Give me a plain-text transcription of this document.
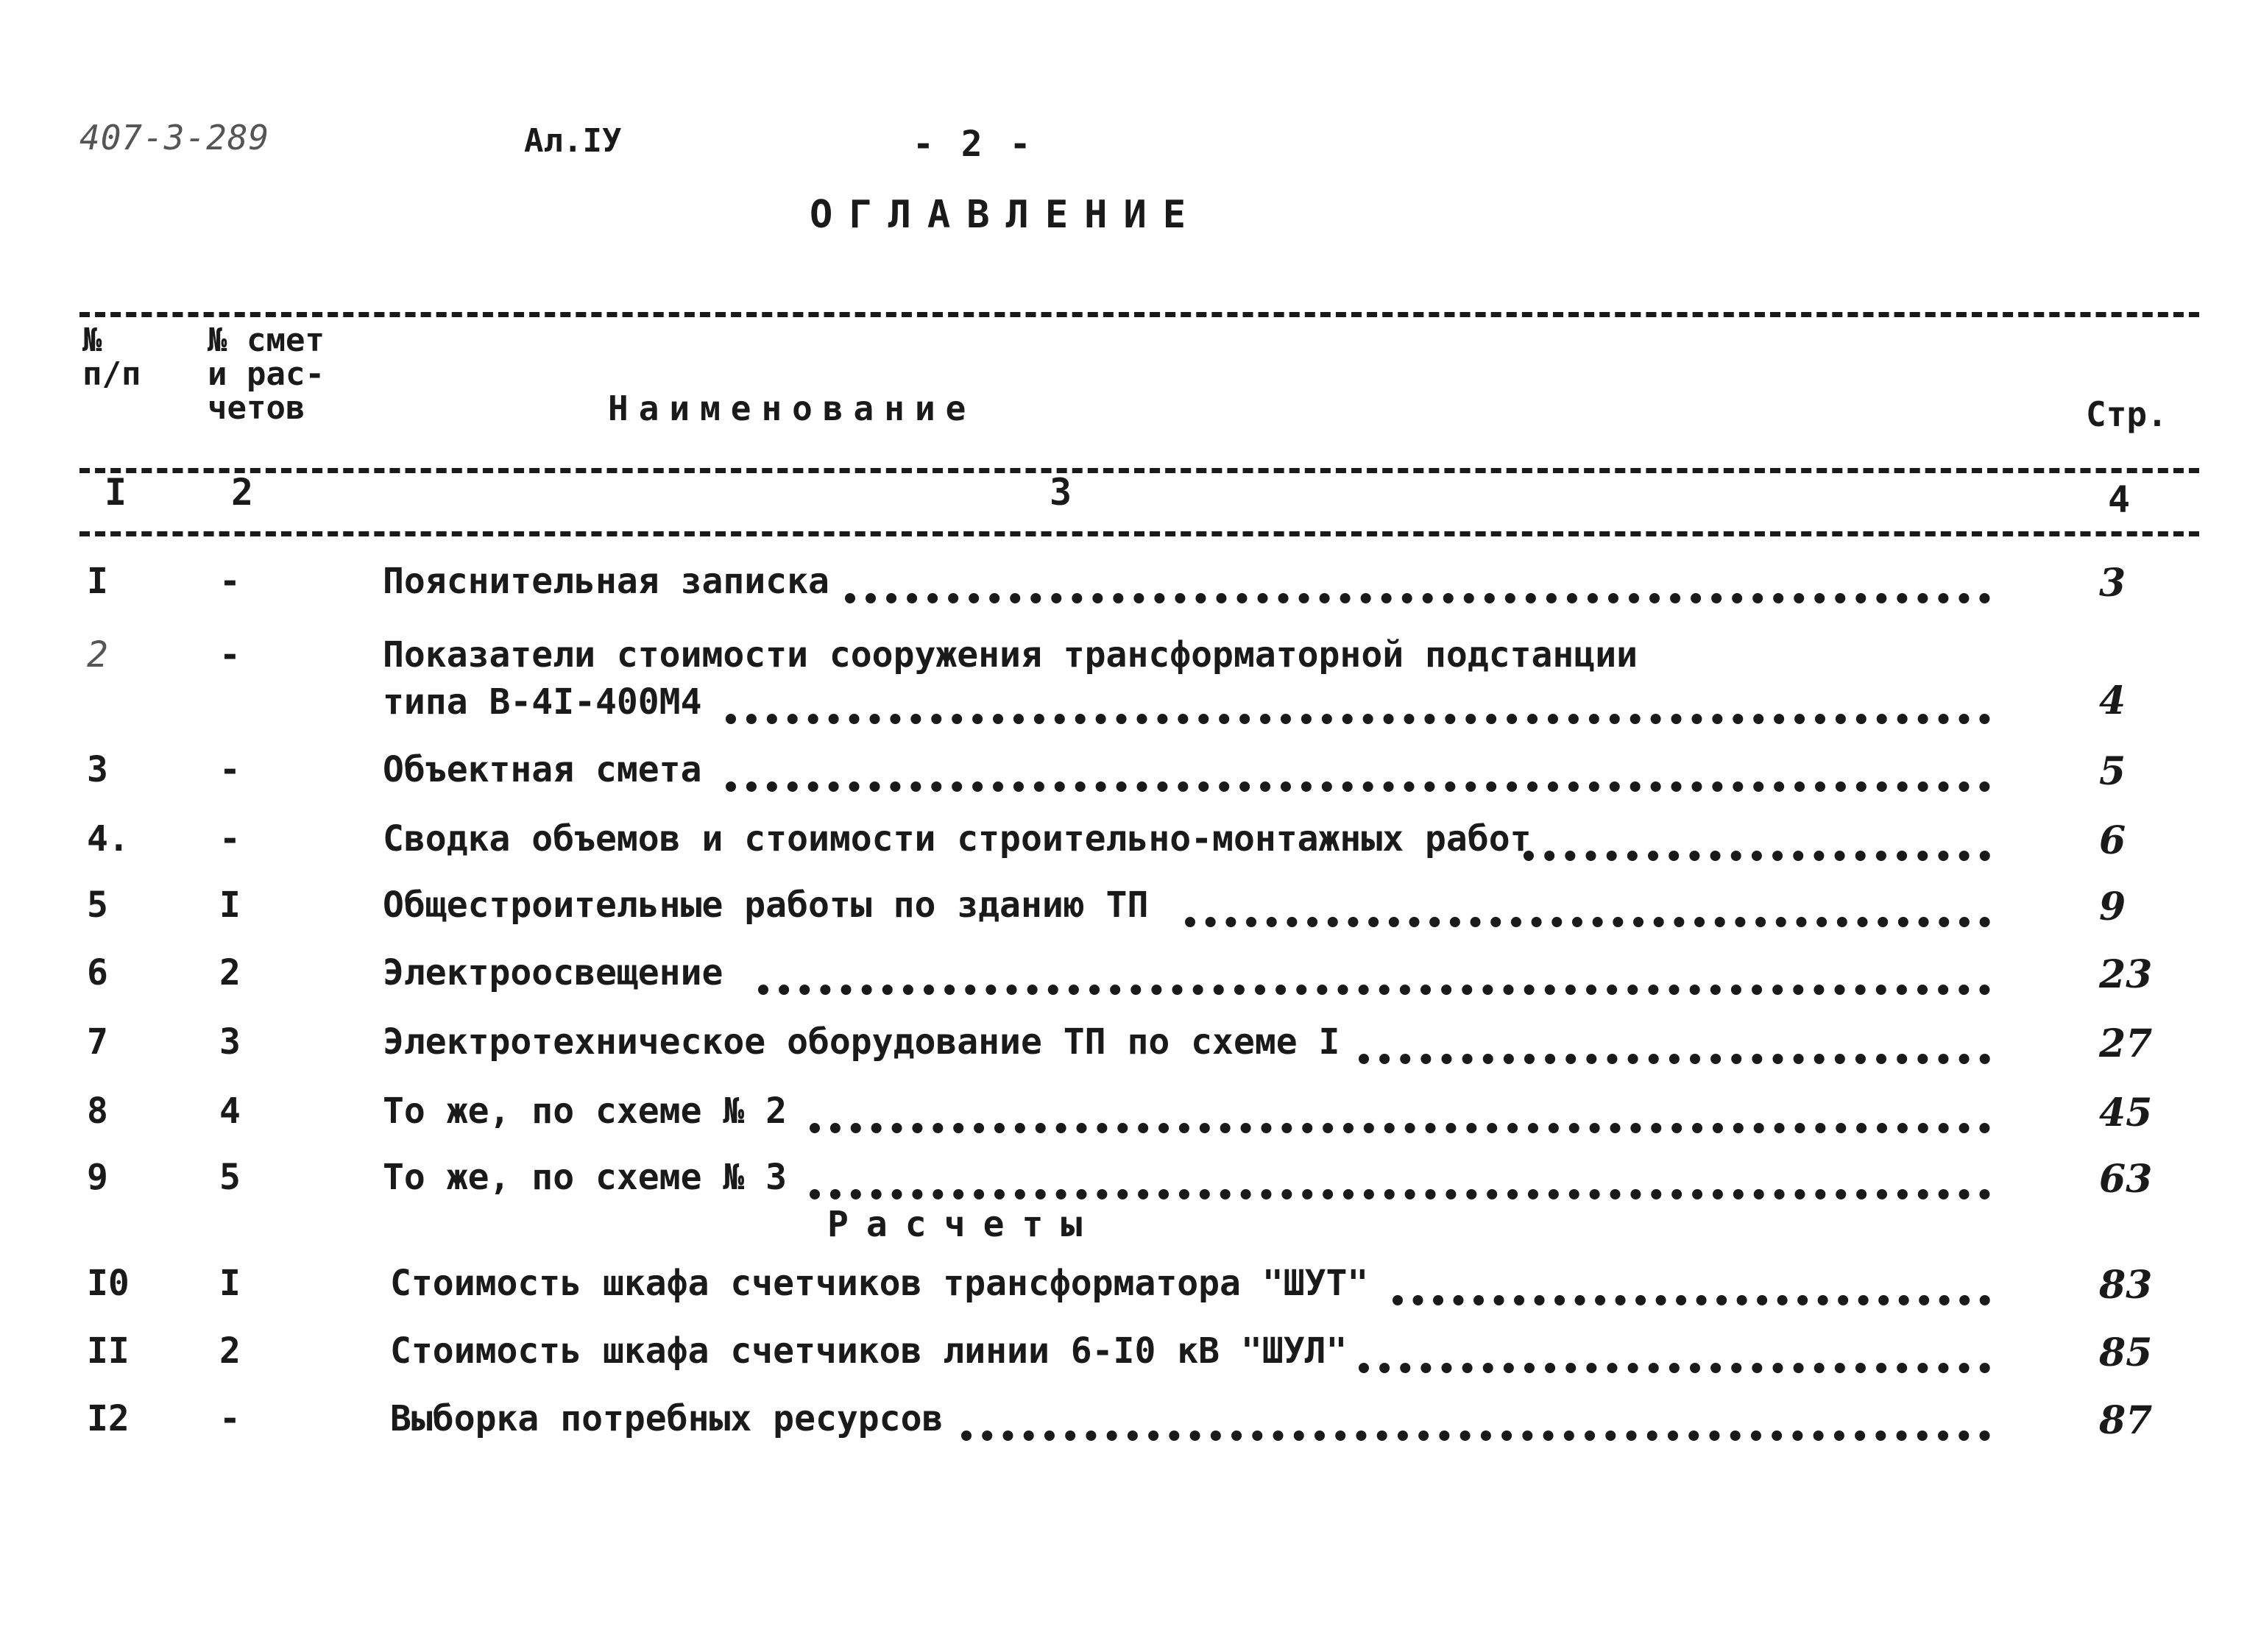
407-3-289	Ал.IУ	- 2 -
ОГЛАВЛЕНИЕ
№
п/п
№ смет
и рас-
четов	Наименование	Стр.
I	2	3	4
I	-	Пояснительная записка	3
2	-	Показатели стоимости сооружения трансформаторной подстанции
типа В-4I-400М4	4
3	-	Объектная смета	5
4.	-	Сводка объемов и стоимости строительно-монтажных работ	6
5	I	Общестроительные работы по зданию ТП	9
6	2	Электроосвещение	23
7	3	Электротехническое оборудование ТП по схеме I	27
8	4	То же, по схеме № 2	45
9	5	То же, по схеме № 3	63
Расчеты
I0	I	Стоимость шкафа счетчиков трансформатора "ШУТ"	83
II	2	Стоимость шкафа счетчиков линии 6-I0 кВ "ШУЛ"	85
I2	-	Выборка потребных ресурсов	87
